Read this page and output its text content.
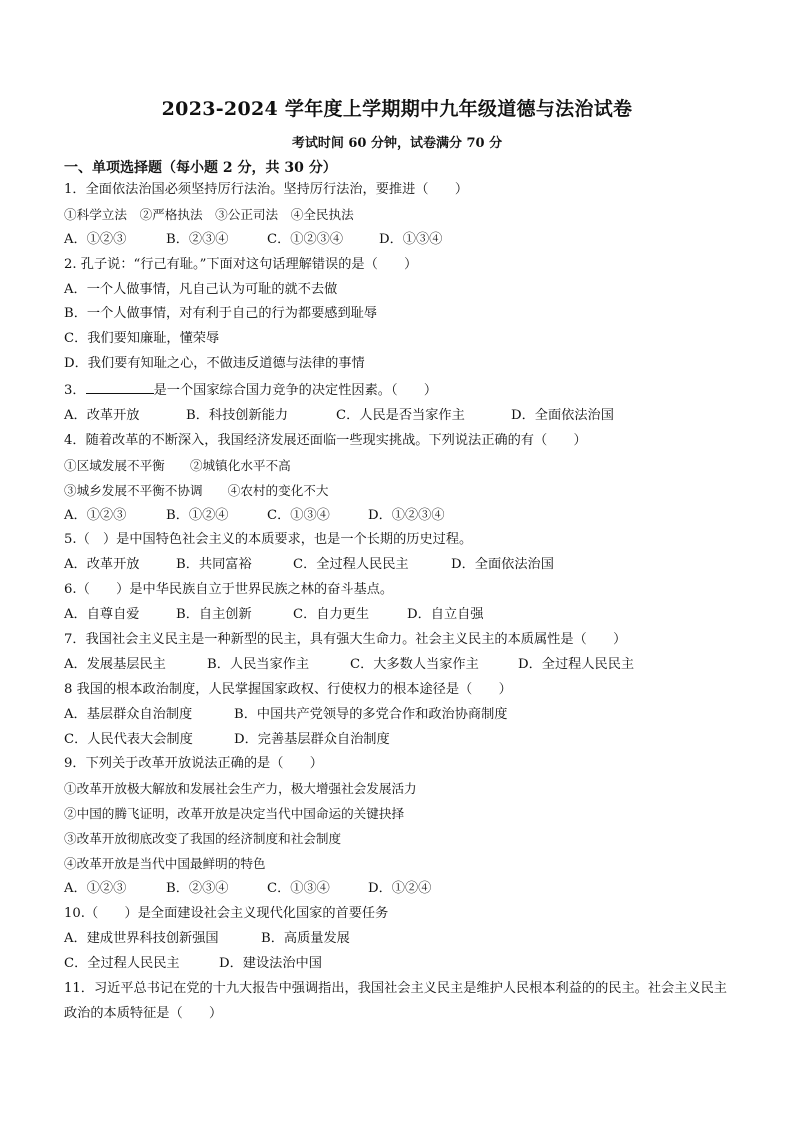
2023-2024 学年度上学期期中九年级道德与法治试卷
考试时间 60 分钟，试卷满分 70 分
一、单项选择题（每小题 2 分，共 30 分）
1．全面依法治国必须坚持厉行法治。坚持厉行法治，要推进（　　）
①科学立法　②严格执法　③公正司法　④全民执法
A．①②③	B．②③④	C．①②③④	D．①③④
2. 孔子说：“行己有耻。”下面对这句话理解错误的是（　　）
A．一个人做事情，凡自己认为可耻的就不去做
B．一个人做事情，对有利于自己的行为都要感到耻辱
C．我们要知廉耻，懂荣辱
D．我们要有知耻之心，不做违反道德与法律的事情
3．	是一个国家综合国力竞争的决定性因素。（　　）
A．改革开放	B．科技创新能力	C．人民是否当家作主	D．全面依法治国
4．随着改革的不断深入，我国经济发展还面临一些现实挑战。下列说法正确的有（　　）
①区域发展不平衡　　②城镇化水平不高
③城乡发展不平衡不协调　　④农村的变化不大
A．①②③	B．①②④	C．①③④	D．①②③④
5.（　）是中国特色社会主义的本质要求，也是一个长期的历史过程。
A．改革开放	B．共同富裕	C．全过程人民民主	D．全面依法治国
6.（　　）是中华民族自立于世界民族之林的奋斗基点。
A．自尊自爱	B．自主创新	C．自力更生	D．自立自强
7．我国社会主义民主是一种新型的民主，具有强大生命力。社会主义民主的本质属性是（　　）
A．发展基层民主	B．人民当家作主	C．大多数人当家作主	D．全过程人民民主
8 我国的根本政治制度，人民掌握国家政权、行使权力的根本途径是（　　）
A．基层群众自治制度	B．中国共产党领导的多党合作和政治协商制度
C．人民代表大会制度	D．完善基层群众自治制度
9．下列关于改革开放说法正确的是（　　）
①改革开放极大解放和发展社会生产力，极大增强社会发展活力
②中国的腾飞证明，改革开放是决定当代中国命运的关键抉择
③改革开放彻底改变了我国的经济制度和社会制度
④改革开放是当代中国最鲜明的特色
A．①②③	B．②③④	C．①③④	D．①②④
10.（　　）是全面建设社会主义现代化国家的首要任务
A．建成世界科技创新强国	B．高质量发展
C．全过程人民民主	D．建设法治中国
11．习近平总书记在党的十九大报告中强调指出，我国社会主义民主是维护人民根本利益的的民主。社会主义民主政治的本质特征是（　　）
